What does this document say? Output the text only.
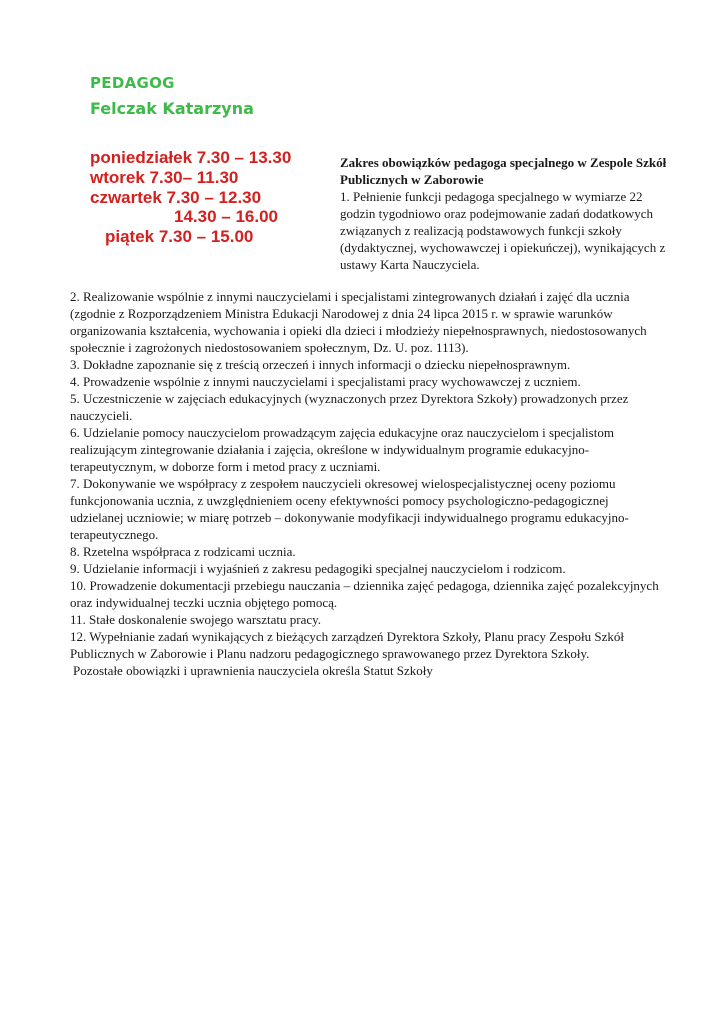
PEDAGOG
Felczak Katarzyna
poniedziałek 7.30 – 13.30
wtorek 7.30– 11.30
czwartek 7.30 – 12.30
14.30 – 16.00
piątek 7.30 – 15.00
Zakres obowiązków pedagoga specjalnego w Zespole Szkół Publicznych w Zaborowie
1. Pełnienie funkcji pedagoga specjalnego w wymiarze 22 godzin tygodniowo oraz podejmowanie zadań dodatkowych związanych z realizacją podstawowych funkcji szkoły (dydaktycznej, wychowawczej i opiekuńczej), wynikających z ustawy Karta Nauczyciela.

2. Realizowanie wspólnie z innymi nauczycielami i specjalistami zintegrowanych działań i zajęć dla ucznia (zgodnie z Rozporządzeniem Ministra Edukacji Narodowej z dnia 24 lipca 2015 r. w sprawie warunków organizowania kształcenia, wychowania i opieki dla dzieci i młodzieży niepełnosprawnych, niedostosowanych społecznie i zagrożonych niedostosowaniem społecznym, Dz. U. poz. 1113).

3. Dokładne zapoznanie się z treścią orzeczeń i innych informacji o dziecku niepełnosprawnym.

4. Prowadzenie wspólnie z innymi nauczycielami i specjalistami pracy wychowawczej z uczniem.

5. Uczestniczenie w zajęciach edukacyjnych (wyznaczonych przez Dyrektora Szkoły) prowadzonych przez nauczycieli.

6. Udzielanie pomocy nauczycielom prowadzącym zajęcia edukacyjne oraz nauczycielom i specjalistom realizującym zintegrowanie działania i zajęcia, określone w indywidualnym programie edukacyjno- terapeutycznym, w doborze form i metod pracy z uczniami.

7. Dokonywanie we współpracy z zespołem nauczycieli okresowej wielospecjalistycznej oceny poziomu funkcjonowania ucznia, z uwzględnieniem oceny efektywności pomocy psychologiczno-pedagogicznej udzielanej uczniowie; w miarę potrzeb – dokonywanie modyfikacji indywidualnego programu edukacyjno-terapeutycznego.

8. Rzetelna współpraca z rodzicami ucznia.

9. Udzielanie informacji i wyjaśnień z zakresu pedagogiki specjalnej nauczycielom i rodzicom.

10. Prowadzenie dokumentacji przebiegu nauczania – dziennika zajęć pedagoga, dziennika zajęć pozalekcyjnych oraz indywidualnej teczki ucznia objętego pomocą.

11. Stałe doskonalenie swojego warsztatu pracy.

12. Wypełnianie zadań wynikających z bieżących zarządzeń Dyrektora Szkoły, Planu pracy Zespołu Szkół Publicznych w Zaborowie i Planu nadzoru pedagogicznego sprawowanego przez Dyrektora Szkoły.

Pozostałe obowiązki i uprawnienia nauczyciela określa Statut Szkoły
